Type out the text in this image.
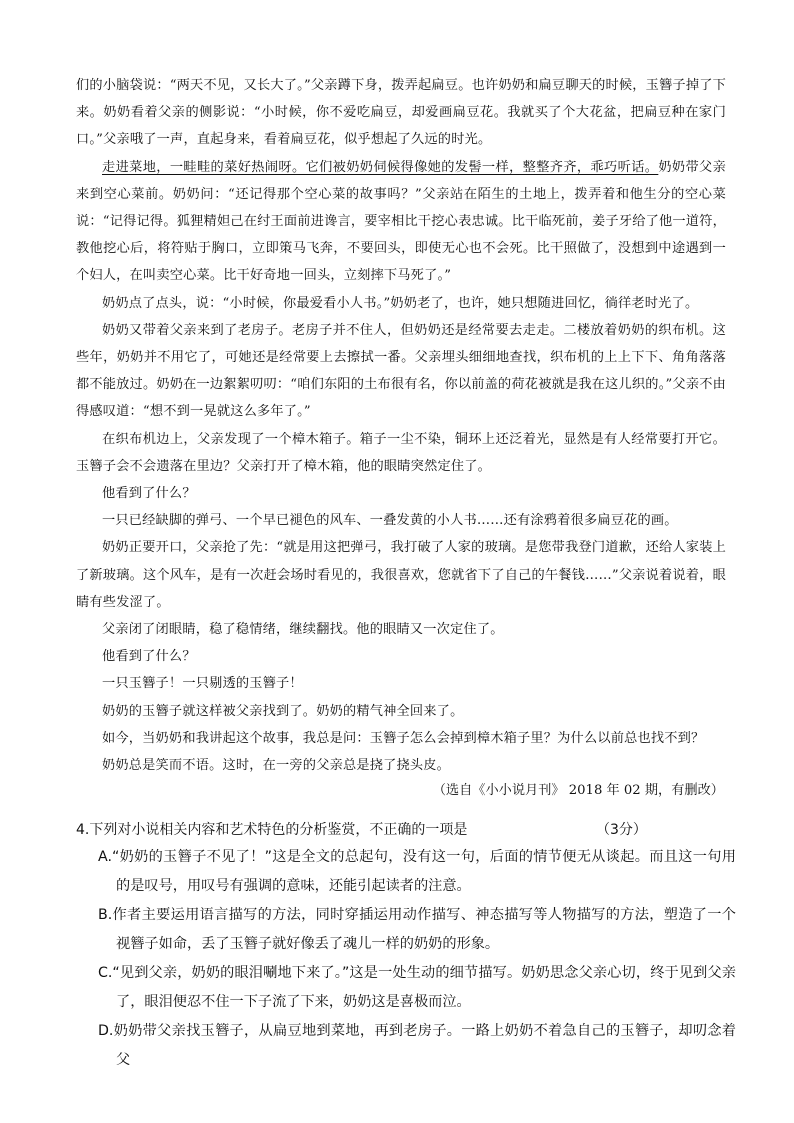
们的小脑袋说：“两天不见，又长大了。”父亲蹲下身，拨弄起扁豆。也许奶奶和扁豆聊天的时候，玉簪子掉了下来。奶奶看着父亲的侧影说：“小时候，你不爱吃扁豆，却爱画扁豆花。我就买了个大花盆，把扁豆种在家门口。”父亲哦了一声，直起身来，看着扁豆花，似乎想起了久远的时光。

走进菜地，一畦畦的菜好热闹呀。它们被奶奶伺候得像她的发髻一样，整整齐齐，乖巧听话。奶奶带父亲来到空心菜前。奶奶问：“还记得那个空心菜的故事吗？”父亲站在陌生的土地上，拨弄着和他生分的空心菜说：“记得记得。狐狸精妲己在纣王面前进谗言，要宰相比干挖心表忠诚。比干临死前，姜子牙给了他一道符，教他挖心后，将符贴于胸口，立即策马飞奔，不要回头，即使无心也不会死。比干照做了，没想到中途遇到一个妇人，在叫卖空心菜。比干好奇地一回头，立刻摔下马死了。”

奶奶点了点头，说：“小时候，你最爱看小人书。”奶奶老了，也许，她只想随进回忆，徜徉老时光了。

奶奶又带着父亲来到了老房子。老房子并不住人，但奶奶还是经常要去走走。二楼放着奶奶的织布机。这些年，奶奶并不用它了，可她还是经常要上去擦拭一番。父亲埋头细细地查找，织布机的上上下下、角角落落都不能放过。奶奶在一边絮絮叨叨：“咱们东阳的土布很有名，你以前盖的荷花被就是我在这儿织的。”父亲不由得感叹道：“想不到一晃就这么多年了。”

在织布机边上，父亲发现了一个樟木箱子。箱子一尘不染，铜环上还泛着光，显然是有人经常要打开它。玉簪子会不会遗落在里边？父亲打开了樟木箱，他的眼睛突然定住了。

他看到了什么？

一只已经缺脚的弹弓、一个早已褪色的风车、一叠发黄的小人书……还有涂鸦着很多扁豆花的画。

奶奶正要开口，父亲抢了先：“就是用这把弹弓，我打破了人家的玻璃。是您带我登门道歉，还给人家装上了新玻璃。这个风车，是有一次赶会场时看见的，我很喜欢，您就省下了自己的午餐钱……”父亲说着说着，眼睛有些发涩了。

父亲闭了闭眼睛，稳了稳情绪，继续翻找。他的眼睛又一次定住了。

他看到了什么？

一只玉簪子！一只剔透的玉簪子！

奶奶的玉簪子就这样被父亲找到了。奶奶的精气神全回来了。

如今，当奶奶和我讲起这个故事，我总是问：玉簪子怎么会掉到樟木箱子里？为什么以前总也找不到？

奶奶总是笑而不语。这时，在一旁的父亲总是挠了挠头皮。

（选自《小小说月刊》 2018 年 02 期，有删改）
4.下列对小说相关内容和艺术特色的分析鉴赏，不正确的一项是	（3分）

A.“奶奶的玉簪子不见了！”这是全文的总起句，没有这一句，后面的情节便无从谈起。而且这一句用的是叹号，用叹号有强调的意味，还能引起读者的注意。

B.作者主要运用语言描写的方法，同时穿插运用动作描写、神态描写等人物描写的方法，塑造了一个视簪子如命，丢了玉簪子就好像丢了魂儿一样的奶奶的形象。

C.“见到父亲，奶奶的眼泪唰地下来了。”这是一处生动的细节描写。奶奶思念父亲心切，终于见到父亲了，眼泪便忍不住一下子流了下来，奶奶这是喜极而泣。

D.奶奶带父亲找玉簪子，从扁豆地到菜地，再到老房子。一路上奶奶不着急自己的玉簪子，却叨念着父
